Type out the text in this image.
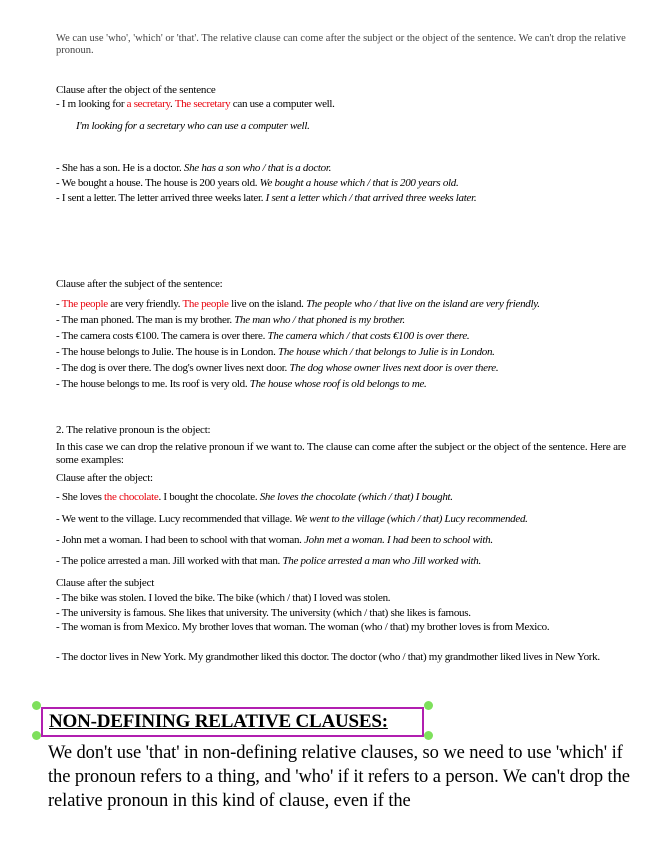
We can use 'who', 'which' or 'that'. The relative clause can come after the subject or the object of the sentence. We can't drop the relative pronoun.
Clause after the object of the sentence
- I m looking for a secretary. The secretary can use a computer well.
I'm looking for a secretary who can use a computer well.
- She has a son. He is a doctor. She has a son who / that is a doctor.
- We bought a house. The house is 200 years old. We bought a house which / that is 200 years old.
- I sent a letter. The letter arrived three weeks later. I sent a letter which / that arrived three weeks later.
Clause after the subject of the sentence:
- The people are very friendly. The people live on the island. The people who / that live on the island are very friendly.
- The man phoned. The man is my brother. The man who / that phoned is my brother.
- The camera costs €100. The camera is over there. The camera which / that costs €100 is over there.
- The house belongs to Julie. The house is in London. The house which / that belongs to Julie is in London.
- The dog is over there. The dog's owner lives next door. The dog whose owner lives next door is over there.
- The house belongs to me. Its roof is very old. The house whose roof is old belongs to me.
2. The relative pronoun is the object:
In this case we can drop the relative pronoun if we want to. The clause can come after the subject or the object of the sentence. Here are some examples:
Clause after the object:
- She loves the chocolate. I bought the chocolate. She loves the chocolate (which / that) I bought.
- We went to the village. Lucy recommended that village. We went to the village (which / that) Lucy recommended.
- John met a woman. I had been to school with that woman. John met a woman. I had been to school with.
- The police arrested a man. Jill worked with that man. The police arrested a man who Jill worked with.
Clause after the subject
- The bike was stolen. I loved the bike. The bike (which / that) I loved was stolen.
- The university is famous. She likes that university. The university (which / that) she likes is famous.
- The woman is from Mexico. My brother loves that woman. The woman (who / that) my brother loves is from Mexico.
- The doctor lives in New York. My grandmother liked this doctor. The doctor (who / that) my grandmother liked lives in New York.
NON-DEFINING RELATIVE CLAUSES:
We don't use 'that' in non-defining relative clauses, so we need to use 'which' if the pronoun refers to a thing, and 'who' if it refers to a person. We can't drop the relative pronoun in this kind of clause, even if the
